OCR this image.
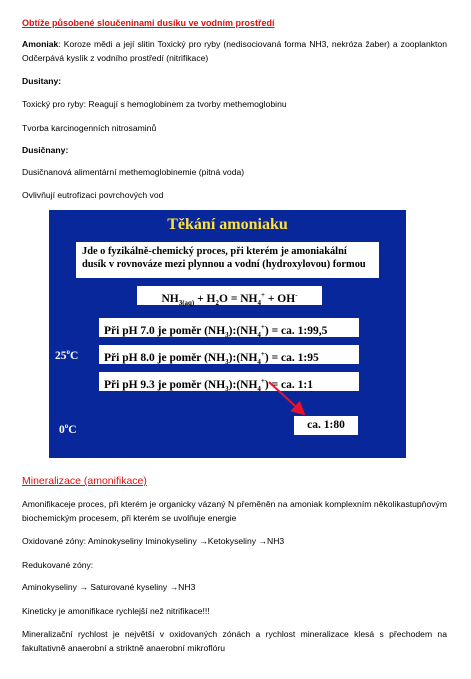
Obtíže působené sloučeninami dusíku ve vodním prostředí
Amoniak: Koroze mědi a její slitin Toxický pro ryby (nedisociovaná forma NH3, nekróza žaber) a zooplankton Odčerpává kyslík z vodního prostředí (nitrifikace)
Dusitany:
Toxický pro ryby: Reagují s hemoglobinem za tvorby methemoglobinu
Tvorba karcinogenních nitrosaminů
Dusičnany:
Dusičnanová alimentární methemoglobinemie (pitná voda)
Ovlivňují eutrofizaci povrchových vod
Těkání amoniaku
Jde o fyzikálně-chemický proces, při kterém je amoniakální dusík v rovnováze mezi plynnou a vodní (hydroxylovou) formou
$NH_{3(aq)} + H_2O = NH_4^+ + OH^-$
Při pH 7.0 je poměr $(NH_3):(NH_4^+)$ = ca. 1:99,5
Při pH 8.0 je poměr $(NH_3):(NH_4^+)$ = ca. 1:95
Při pH 9.3 je poměr $(NH_3):(NH_4^+)$ = ca. 1:1
25$^o$C
0$^o$C	ca. 1:80
Mineralizace (amonifikace)
Amonifikaceje proces, při kterém je organicky vázaný N přeměněn na amoniak komplexním několikastupňovým biochemickým procesem, při kterém se uvolňuje energie
Oxidované zóny: Aminokyseliny Iminokyseliny →Ketokyseliny →NH3
Redukované zóny:
Aminokyseliny → Saturované kyseliny →NH3
Kineticky je amonifikace rychlejší než nitrifikace!!!
Mineralizační rychlost je největší v oxidovaných zónách a rychlost mineralizace klesá s přechodem na fakultativně anaerobní a striktně anaerobní mikroflóru
